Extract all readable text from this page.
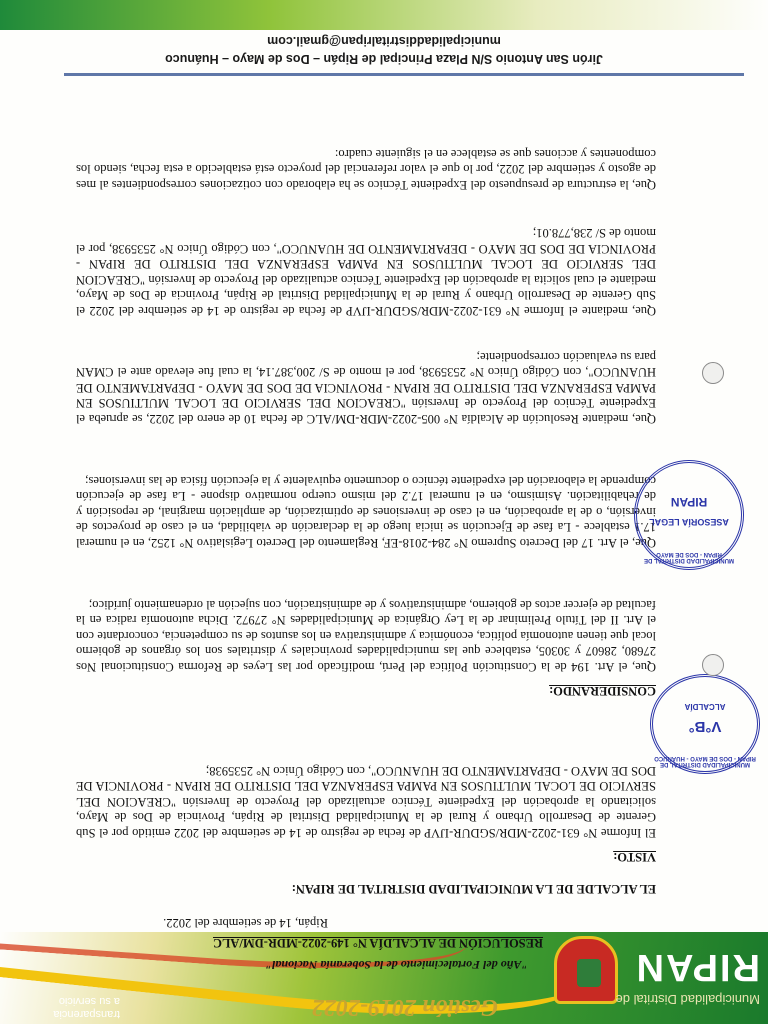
Municipalidad Distrital de
RIPAN
Gestión 2019-2022
transparencia
a su servicio
"Año del Fortalecimiento de la Soberanía Nacional"
RESOLUCIÓN DE ALCALDÍA N° 149-2022-MDR-DM/ALC
Ripán, 14 de setiembre del 2022.
EL ALCALDE DE LA MUNICIPALIDAD DISTRITAL DE RIPAN:
VISTO:
El Informe N° 631-2022-MDR/SGDUR-IJVP de fecha de registro de 14 de setiembre del 2022 emitido por el Sub Gerente de Desarrollo Urbano y Rural de la Municipalidad Distrital de Ripán, Provincia de Dos de Mayo, solicitando la aprobación del Expediente Técnico actualizado del Proyecto de Inversión "CREACION DEL SERVICIO DE LOCAL MULTIUSOS EN PAMPA ESPERANZA DEL DISTRITO DE RIPAN - PROVINCIA DE DOS DE MAYO - DEPARTAMENTO DE HUANUCO", con Código Único N° 2535938;
CONSIDERANDO:
Que, el Art. 194 de la Constitución Política del Perú, modificado por las Leyes de Reforma Constitucional Nos 27680, 28607 y 30305, establece que las municipalidades provinciales y distritales son los órganos de gobierno local que tienen autonomía política, económica y administrativa en los asuntos de su competencia, concordante con el Art. II del Título Preliminar de la Ley Orgánica de Municipalidades N° 27972. Dicha autonomía radica en la facultad de ejercer actos de gobierno, administrativos y de administración, con sujeción al ordenamiento jurídico;
Que, el Art. 17 del Decreto Supremo N° 284-2018-EF, Reglamento del Decreto Legislativo N° 1252, en el numeral 17.1 establece - La fase de Ejecución se inicia luego de la declaración de viabilidad, en el caso de proyectos de inversión, o de la aprobación, en el caso de inversiones de optimización, de ampliación marginal, de reposición y de rehabilitación. Asimismo, en el numeral 17.2 del mismo cuerpo normativo dispone - La fase de ejecución comprende la elaboración del expediente técnico o documento equivalente y la ejecución física de las inversiones;
Que, mediante Resolución de Alcaldía N° 005-2022-MDR-DM/ALC de fecha 10 de enero del 2022, se aprueba el Expediente Técnico del Proyecto de Inversión "CREACION DEL SERVICIO DE LOCAL MULTIUSOS EN PAMPA ESPERANZA DEL DISTRITO DE RIPAN - PROVINCIA DE DOS DE MAYO - DEPARTAMENTO DE HUANUCO", con Código Único N° 2535938, por el monto de S/ 200,387.14, la cual fue elevado ante el CMAN para su evaluación correspondiente;
Que, mediante el Informe N° 631-2022-MDR/SGDUR-IJVP de fecha de registro de 14 de setiembre del 2022 el Sub Gerente de Desarrollo Urbano y Rural de la Municipalidad Distrital de Ripán, Provincia de Dos de Mayo, mediante el cual solicita la aprobación del Expediente Técnico actualizado del Proyecto de Inversión "CREACION DEL SERVICIO DE LOCAL MULTIUSOS EN PAMPA ESPERANZA DEL DISTRITO DE RIPAN - PROVINCIA DE DOS DE MAYO - DEPARTAMENTO DE HUANUCO", con Código Único N° 2535938, por el monto de S/ 238,778.01;
Que, la estructura de presupuesto del Expediente Técnico se ha elaborado con cotizaciones correspondientes al mes de agosto y setiembre del 2022, por lo que el valor referencial del proyecto está establecido a esta fecha, siendo los componentes y acciones que se establece en el siguiente cuadro:
MUNICIPALIDAD DISTRITAL DE RIPAN - DOS DE MAYO - HUANUCO
V°B°
ALCALDÍA
MUNICIPALIDAD DISTRITAL DE RIPAN - DOS DE MAYO
ASESORÍA LEGAL
RIPAN
Jirón San Antonio S/N Plaza Principal de Ripán – Dos de Mayo – Huánuco
municipalidaddistritalripan@gmail.com
